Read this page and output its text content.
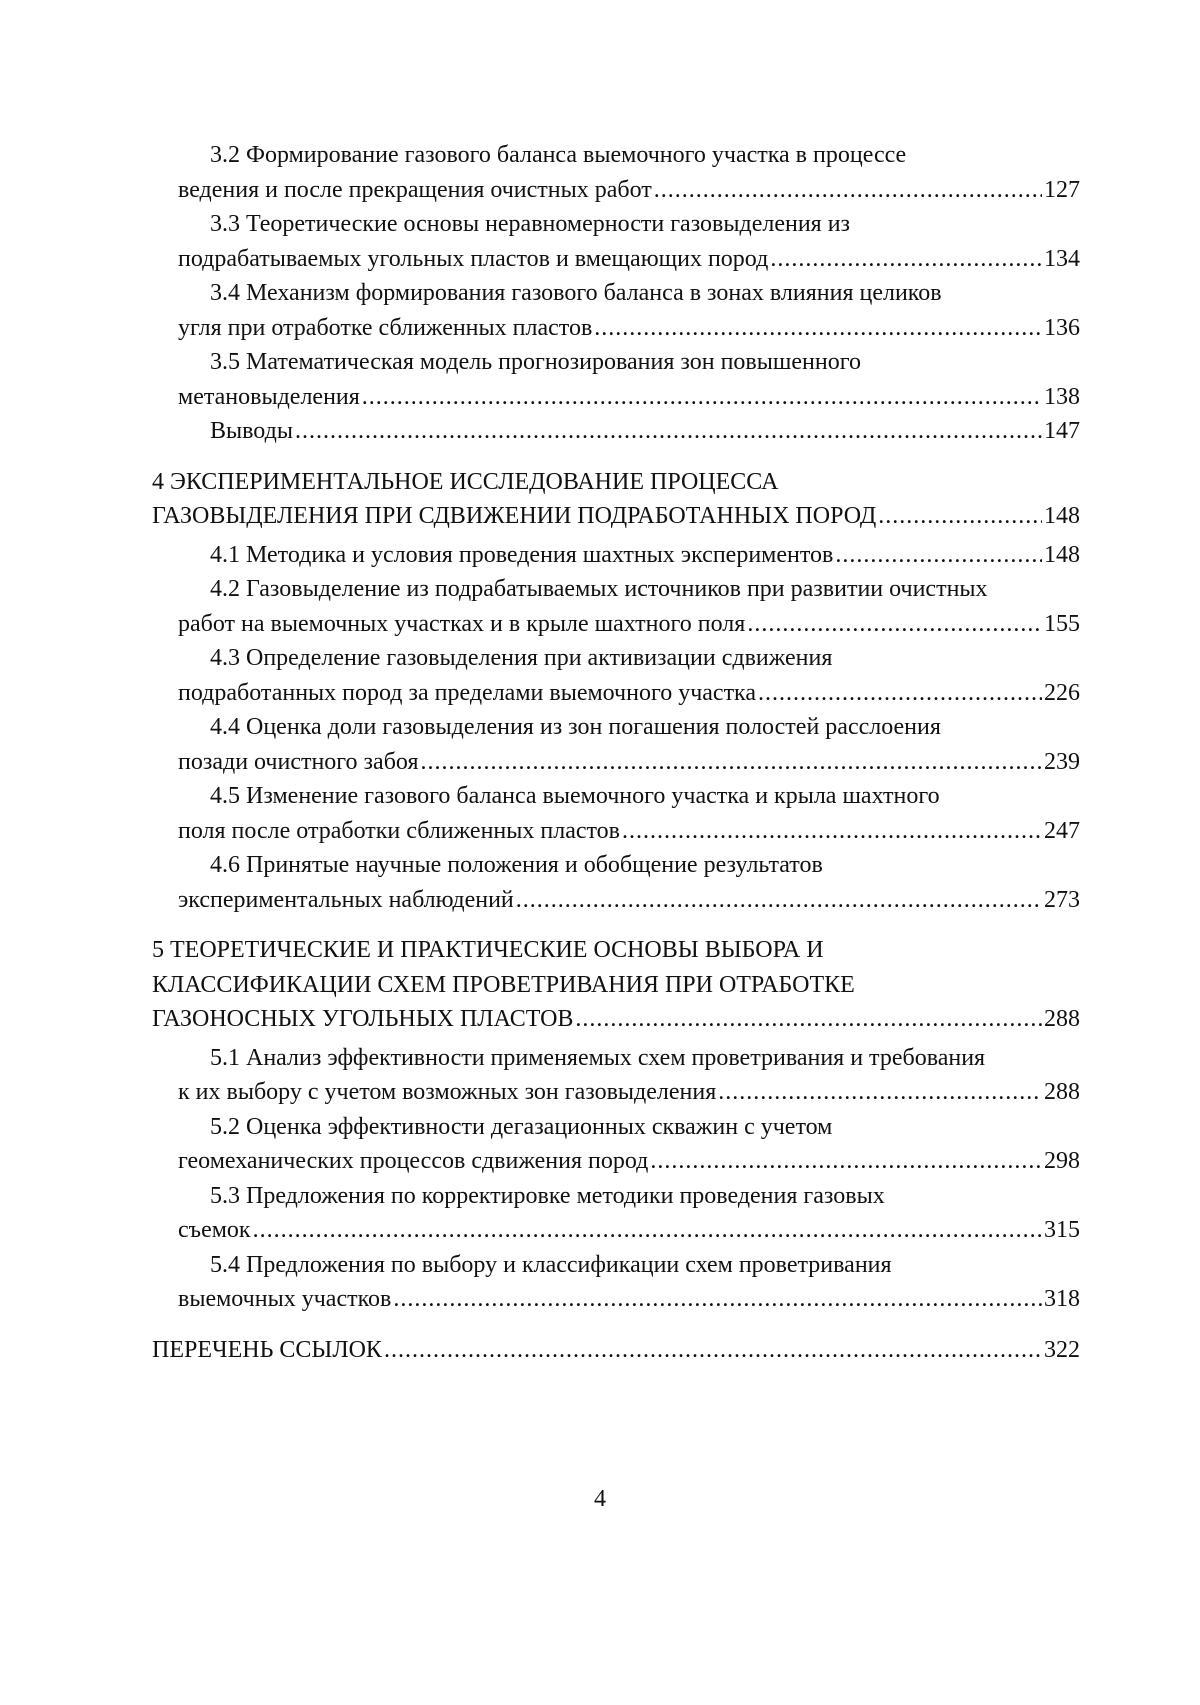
3.2 Формирование газового баланса выемочного участка в процессе
ведения и после прекращения очистных работ .....	127
3.3 Теоретические основы неравномерности газовыделения из
подрабатываемых угольных пластов и вмещающих пород .....	134
3.4 Механизм формирования газового баланса в зонах влияния целиков
угля при отработке сближенных пластов .....	136
3.5 Математическая модель прогнозирования зон повышенного
метановыделения .....	138
Выводы .....	147
4 ЭКСПЕРИМЕНТАЛЬНОЕ ИССЛЕДОВАНИЕ ПРОЦЕССА
ГАЗОВЫДЕЛЕНИЯ ПРИ СДВИЖЕНИИ ПОДРАБОТАННЫХ ПОРОД .....	148
4.1 Методика и условия проведения шахтных экспериментов .....	148
4.2 Газовыделение из подрабатываемых источников при развитии очистных
работ на выемочных участках и в крыле шахтного поля .....	155
4.3 Определение газовыделения при активизации сдвижения
подработанных пород за пределами выемочного участка .....	226
4.4 Оценка доли газовыделения из зон погашения полостей расслоения
позади очистного забоя .....	239
4.5 Изменение газового баланса выемочного участка и крыла шахтного
поля после отработки сближенных пластов .....	247
4.6 Принятые научные положения и обобщение результатов
экспериментальных наблюдений .....	273
5 ТЕОРЕТИЧЕСКИЕ И ПРАКТИЧЕСКИЕ ОСНОВЫ ВЫБОРА И
КЛАССИФИКАЦИИ СХЕМ ПРОВЕТРИВАНИЯ ПРИ ОТРАБОТКЕ
ГАЗОНОСНЫХ УГОЛЬНЫХ ПЛАСТОВ .....	288
5.1 Анализ эффективности применяемых схем проветривания и требования
к их выбору с учетом возможных зон газовыделения .....	288
5.2 Оценка эффективности дегазационных скважин с учетом
геомеханических процессов сдвижения пород .....	298
5.3 Предложения по корректировке методики проведения газовых
съемок .....	315
5.4 Предложения по выбору и классификации схем проветривания
выемочных участков .....	318
ПЕРЕЧЕНЬ ССЫЛОК .....	322
4
